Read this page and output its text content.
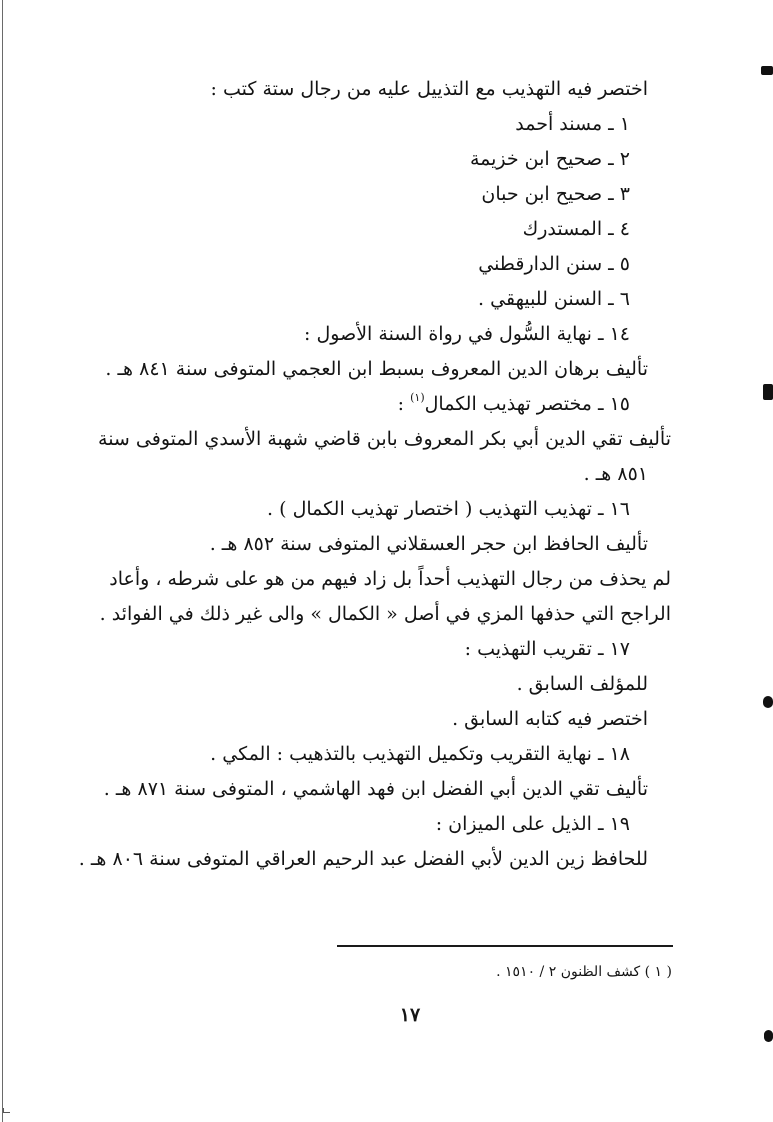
اختصر فيه التهذيب مع التذييل عليه من رجال ستة كتب :
١ ـ مسند أحمد
٢ ـ صحيح ابن خزيمة
٣ ـ صحيح ابن حبان
٤ ـ المستدرك
٥ ـ سنن الدارقطني
٦ ـ السنن للبيهقي .
١٤ ـ نهاية السُّول في رواة السنة الأصول :
تأليف برهان الدين المعروف بسبط ابن العجمي المتوفى سنة ٨٤١ هـ .
١٥ ـ مختصر تهذيب الكمال$^{(١)}$ :
تأليف تقي الدين أبي بكر المعروف بابن قاضي شهبة الأسدي المتوفى سنة
٨٥١ هـ .
١٦ ـ تهذيب التهذيب ( اختصار تهذيب الكمال ) .
تأليف الحافظ ابن حجر العسقلاني المتوفى سنة ٨٥٢ هـ .
لم يحذف من رجال التهذيب أحداً بل زاد فيهم من هو على شرطه ، وأعاد
الراجح التي حذفها المزي في أصل « الكمال » والى غير ذلك في الفوائد .
١٧ ـ تقريب التهذيب :
للمؤلف السابق .
اختصر فيه كتابه السابق .
١٨ ـ نهاية التقريب وتكميل التهذيب بالتذهيب : المكي .
تأليف تقي الدين أبي الفضل ابن فهد الهاشمي ، المتوفى سنة ٨٧١ هـ .
١٩ ـ الذيل على الميزان :
للحافظ زين الدين لأبي الفضل عبد الرحيم العراقي المتوفى سنة ٨٠٦ هـ .
( ١ ) كشف الظنون ٢ / ١٥١٠ .
١٧
